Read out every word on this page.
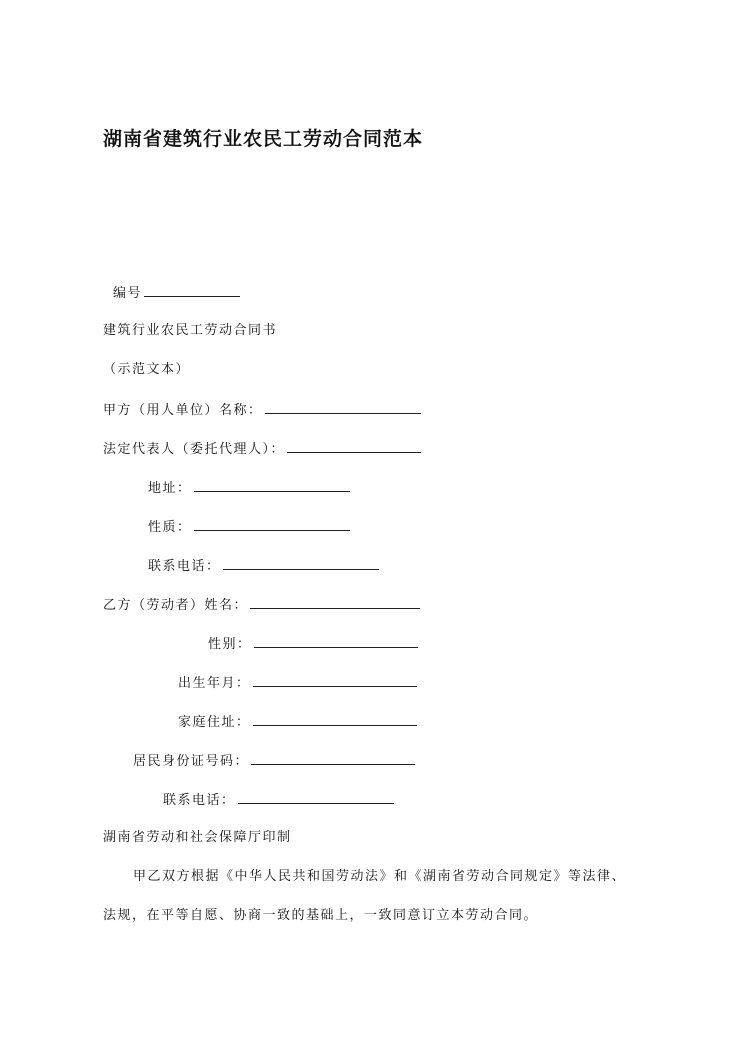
湖南省建筑行业农民工劳动合同范本
编号
建筑行业农民工劳动合同书
（示范文本）
甲方（用人单位）名称：
法定代表人（委托代理人）：
地址：
性质：
联系电话：
乙方（劳动者）姓名：
性别：
出生年月：
家庭住址：
居民身份证号码：
联系电话：
湖南省劳动和社会保障厅印制
甲乙双方根据《中华人民共和国劳动法》和《湖南省劳动合同规定》等法律、
法规，在平等自愿、协商一致的基础上，一致同意订立本劳动合同。
